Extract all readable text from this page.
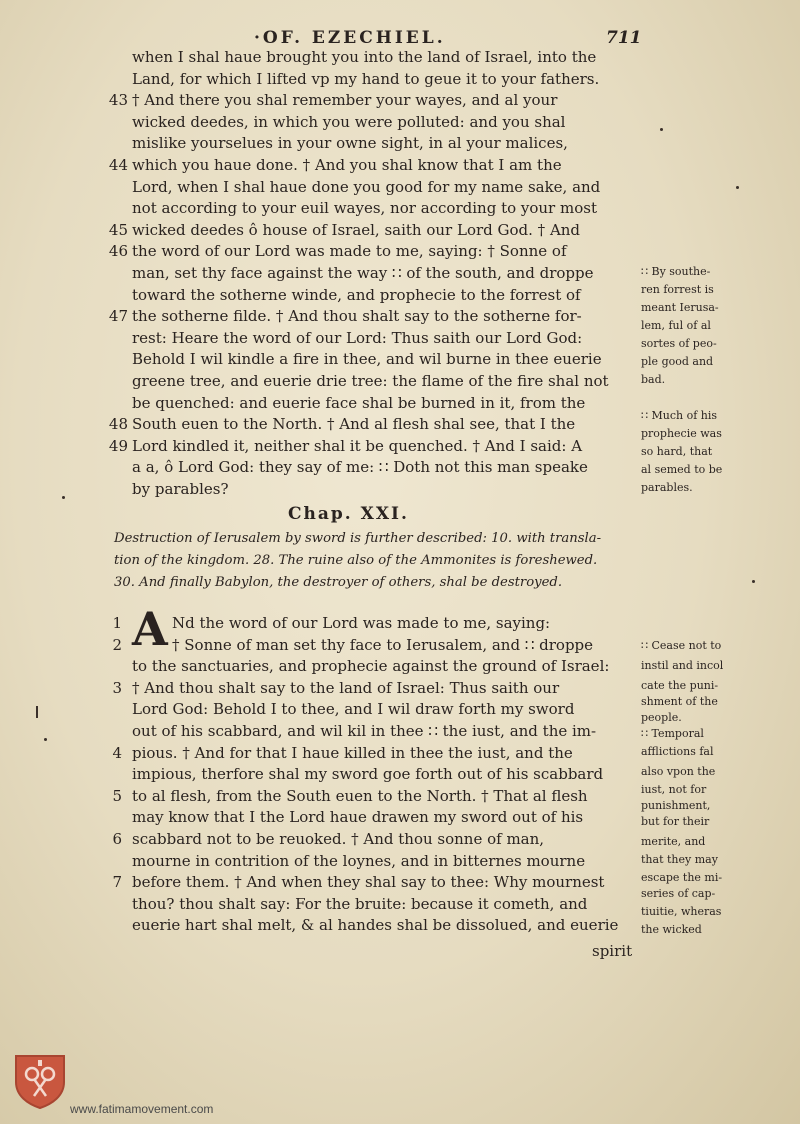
·OF. EZECHIEL.	711
when I shal haue brought you into the land of Israel, into the
Land, for which I lifted vp my hand to geue it to your fathers.
43 † And there you shal remember your wayes, and al your
wicked deedes, in which you were polluted: and you shal
mislike yourselues in your owne sight, in al your malices,
44 which you haue done. † And you shal know that I am the
Lord, when I shal haue done you good for my name sake, and
not according to your euil wayes, nor according to your most
45 wicked deedes ô house of Israel, saith our Lord God. † And
46 the word of our Lord was made to me, saying: † Sonne of
man, set thy face against the way ∷ of the south, and droppe
toward the sotherne winde, and prophecie to the forrest of
47 the sotherne filde. † And thou shalt say to the sotherne for-
rest: Heare the word of our Lord: Thus saith our Lord God:
Behold I wil kindle a fire in thee, and wil burne in thee euerie
greene tree, and euerie drie tree: the flame of the fire shal not
be quenched: and euerie face shal be burned in it, from the
48 South euen to the North. † And al flesh shal see, that I the
49 Lord kindled it, neither shal it be quenched. † And I said: A
a a, ô Lord God: they say of me: ∷ Doth not this man speake
by parables?
∷ By southe-
ren forrest is
meant Ierusa-
lem, ful of al
sortes of peo-
ple good and
bad.
∷ Much of his
prophecie was
so hard, that
al semed to be
parables.
Chap. XXI.
Destruction of Ierusalem by sword is further described: 10. with transla-
tion of the kingdom. 28. The ruine also of the Ammonites is foreshewed.
30. And finally Babylon, the destroyer of others, shal be destroyed.
A
1	Nd the word of our Lord was made to me, saying:
2	† Sonne of man set thy face to Ierusalem, and ∷ droppe
to the sanctuaries, and prophecie against the ground of Israel:
3 † And thou shalt say to the land of Israel: Thus saith our
Lord God: Behold I to thee, and I wil draw forth my sword
out of his scabbard, and wil kil in thee ∷ the iust, and the im-
4 pious. † And for that I haue killed in thee the iust, and the
impious, therfore shal my sword goe forth out of his scabbard
5 to al flesh, from the South euen to the North. † That al flesh
may know that I the Lord haue drawen my sword out of his
6 scabbard not to be reuoked. † And thou sonne of man,
mourne in contrition of the loynes, and in bitternes mourne
7 before them. † And when they shal say to thee: Why mournest
thou? thou shalt say: For the bruite: because it cometh, and
euerie hart shal melt, & al handes shal be dissolued, and euerie
∷ Cease not to
instil and incol
cate the puni-
shment of the
people.
∷ Temporal
afflictions fal
also vpon the
iust, not for
punishment,
but for their
merite, and
that they may
escape the mi-
series of cap-
tiuitie, wheras
the wicked
spirit
www.fatimamovement.com
